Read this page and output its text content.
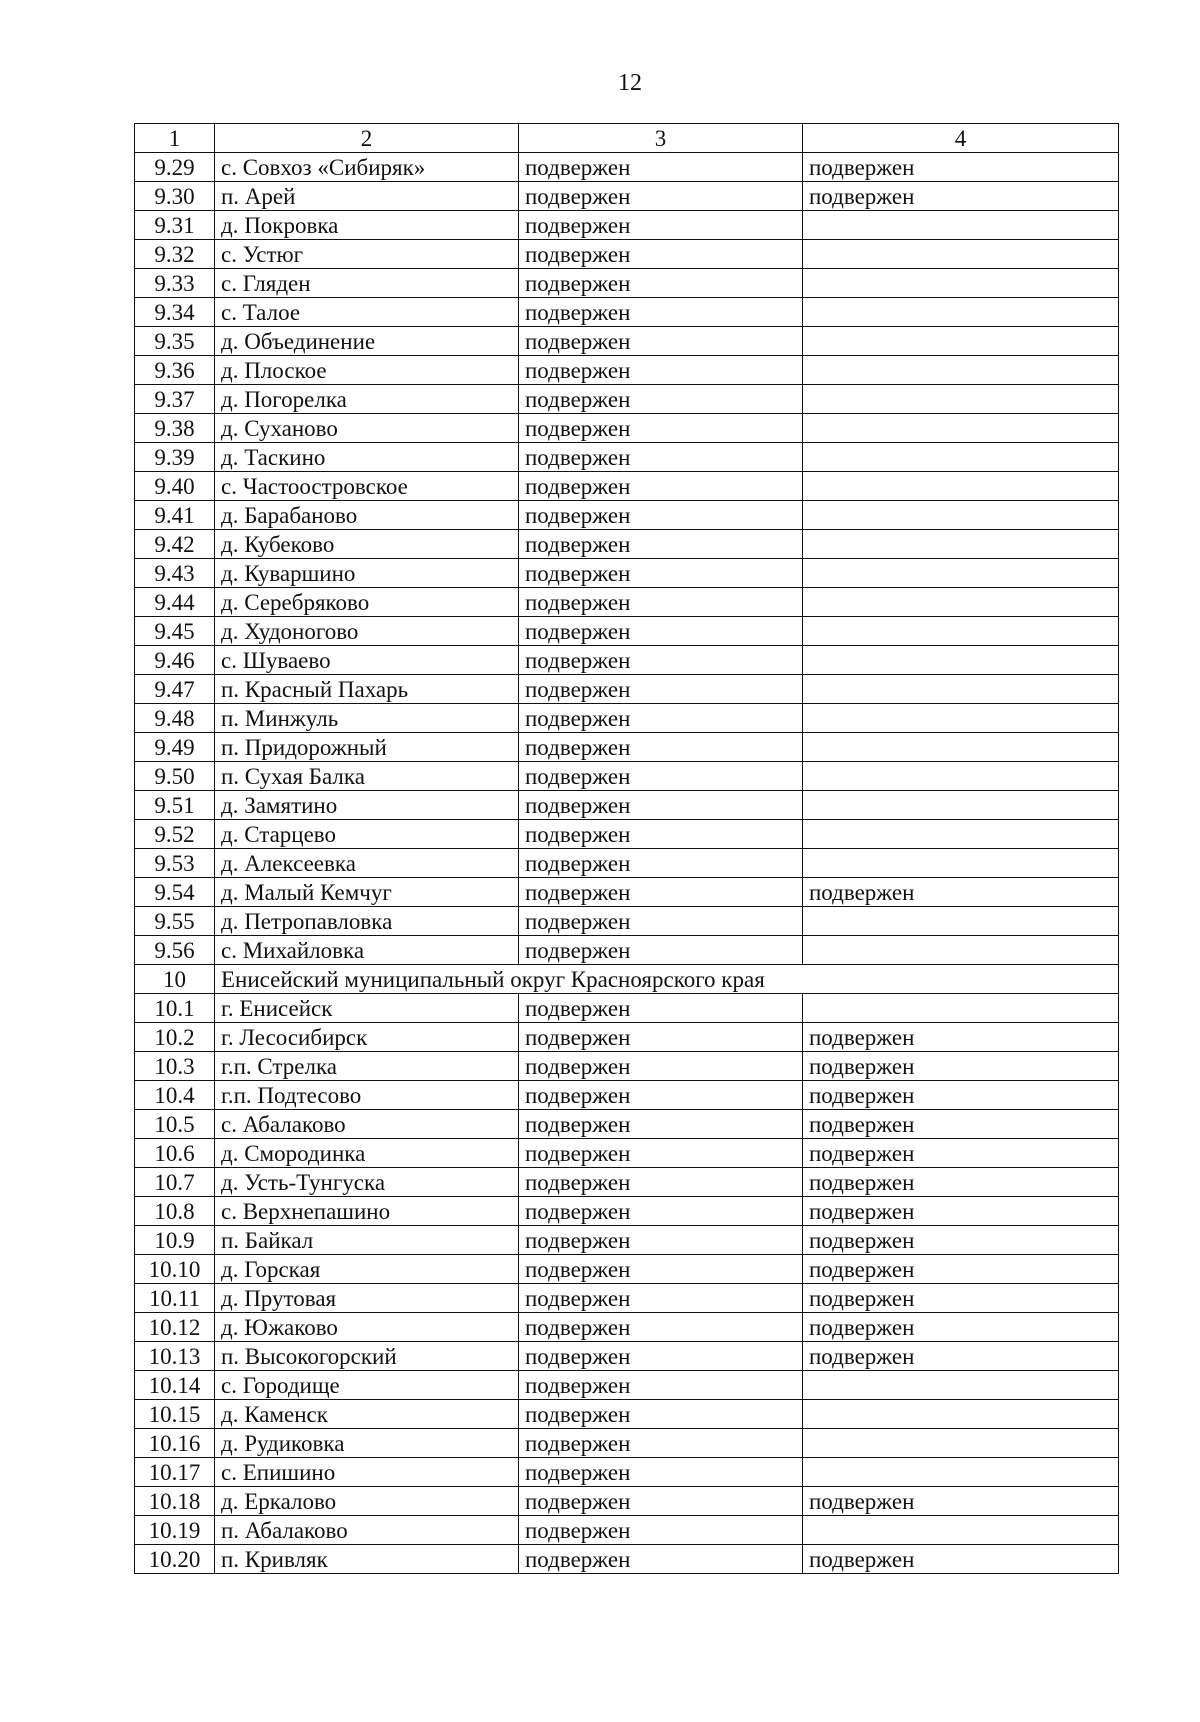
12
1	2	3	4
9.29	с. Совхоз «Сибиряк»	подвержен	подвержен
9.30	п. Арей	подвержен	подвержен
9.31	д. Покровка	подвержен	
9.32	с. Устюг	подвержен	
9.33	с. Гляден	подвержен	
9.34	с. Талое	подвержен	
9.35	д. Объединение	подвержен	
9.36	д. Плоское	подвержен	
9.37	д. Погорелка	подвержен	
9.38	д. Суханово	подвержен	
9.39	д. Таскино	подвержен	
9.40	с. Частоостровское	подвержен	
9.41	д. Барабаново	подвержен	
9.42	д. Кубеково	подвержен	
9.43	д. Куваршино	подвержен	
9.44	д. Серебряково	подвержен	
9.45	д. Худоногово	подвержен	
9.46	с. Шуваево	подвержен	
9.47	п. Красный Пахарь	подвержен	
9.48	п. Минжуль	подвержен	
9.49	п. Придорожный	подвержен	
9.50	п. Сухая Балка	подвержен	
9.51	д. Замятино	подвержен	
9.52	д. Старцево	подвержен	
9.53	д. Алексеевка	подвержен	
9.54	д. Малый Кемчуг	подвержен	подвержен
9.55	д. Петропавловка	подвержен	
9.56	с. Михайловка	подвержен	
10	Енисейский муниципальный округ Красноярского края		
10.1	г. Енисейск	подвержен	
10.2	г. Лесосибирск	подвержен	подвержен
10.3	г.п. Стрелка	подвержен	подвержен
10.4	г.п. Подтесово	подвержен	подвержен
10.5	с. Абалаково	подвержен	подвержен
10.6	д. Смородинка	подвержен	подвержен
10.7	д. Усть-Тунгуска	подвержен	подвержен
10.8	с. Верхнепашино	подвержен	подвержен
10.9	п. Байкал	подвержен	подвержен
10.10	д. Горская	подвержен	подвержен
10.11	д. Прутовая	подвержен	подвержен
10.12	д. Южаково	подвержен	подвержен
10.13	п. Высокогорский	подвержен	подвержен
10.14	с. Городище	подвержен	
10.15	д. Каменск	подвержен	
10.16	д. Рудиковка	подвержен	
10.17	с. Епишино	подвержен	
10.18	д. Еркалово	подвержен	подвержен
10.19	п. Абалаково	подвержен	
10.20	п. Кривляк	подвержен	подвержен
